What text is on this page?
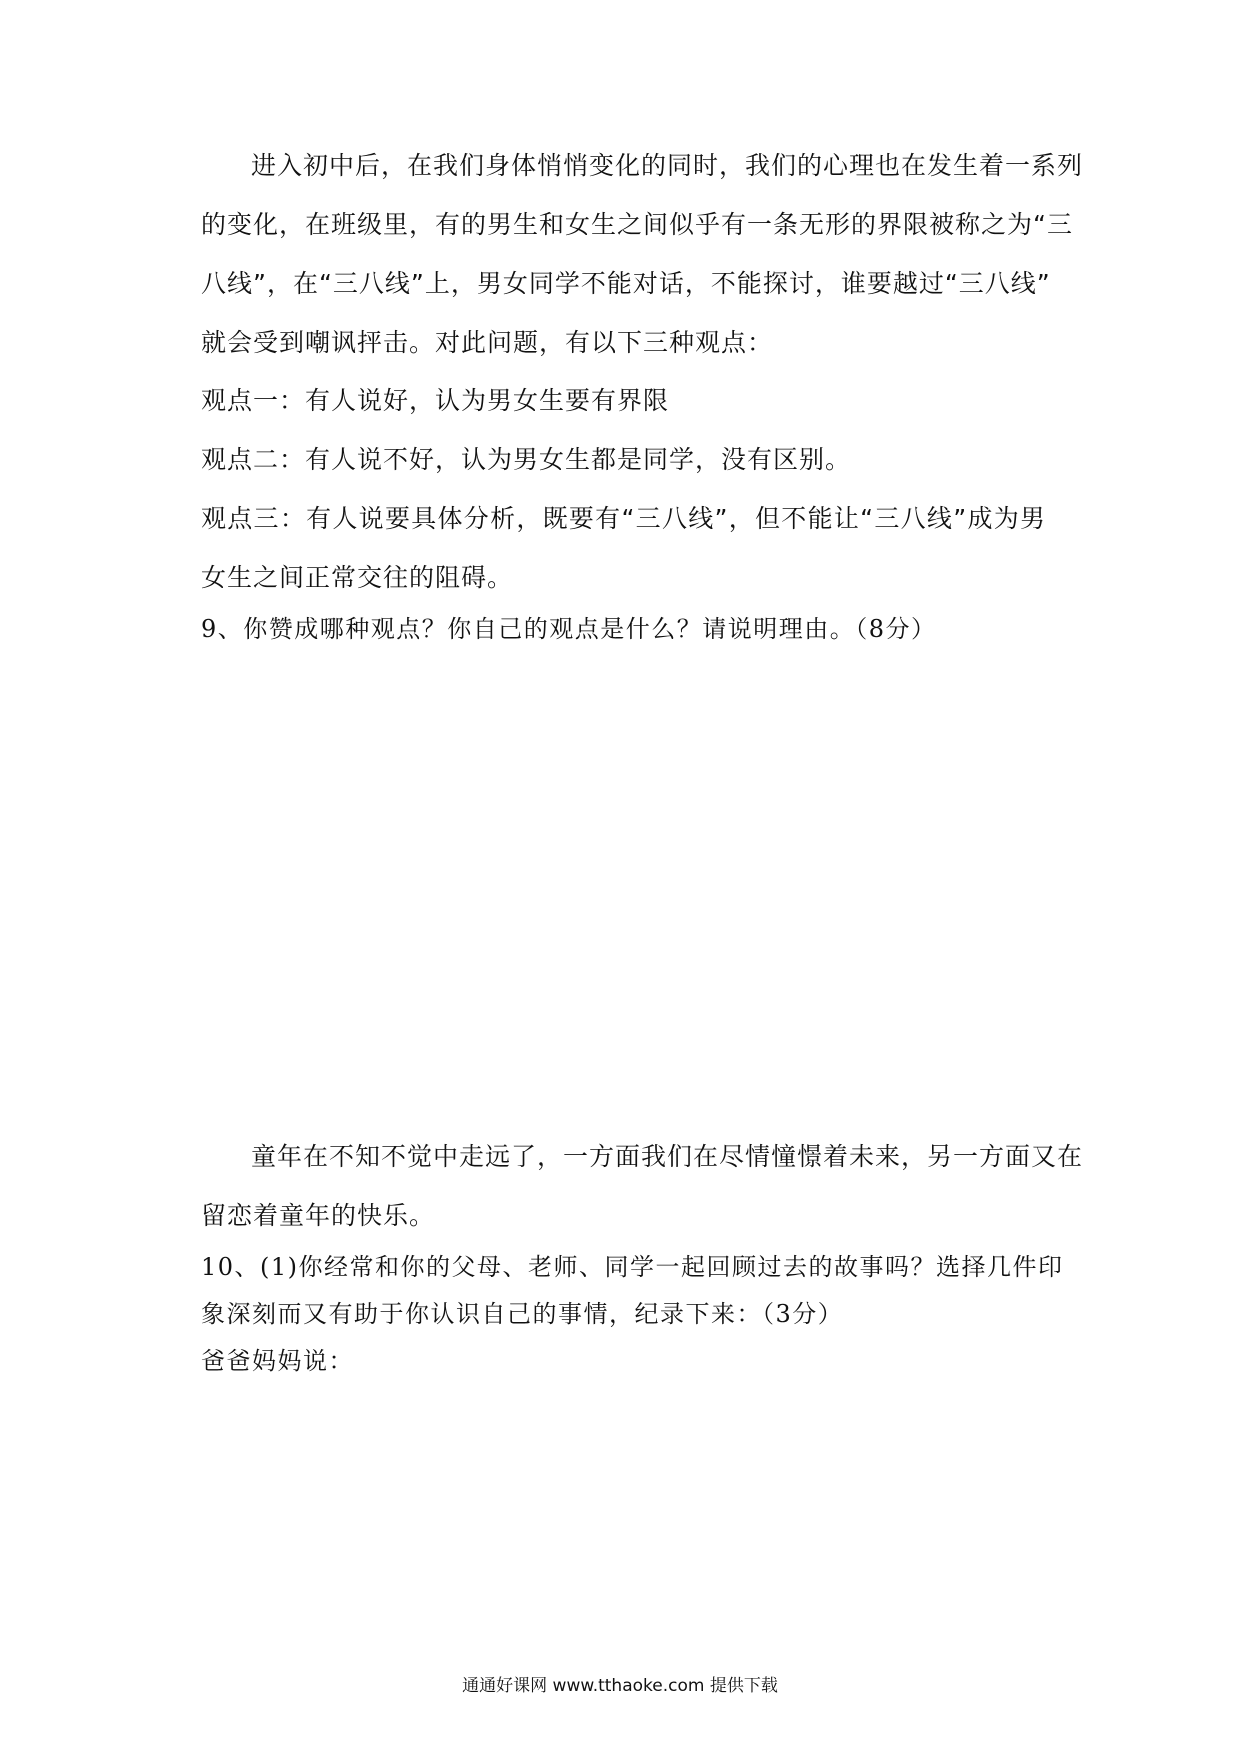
进入初中后，在我们身体悄悄变化的同时，我们的心理也在发生着一系列
的变化，在班级里，有的男生和女生之间似乎有一条无形的界限被称之为“三
八线”，在“三八线”上，男女同学不能对话，不能探讨，谁要越过“三八线”
就会受到嘲讽抨击。对此问题，有以下三种观点：
观点一：有人说好，认为男女生要有界限
观点二：有人说不好，认为男女生都是同学，没有区别。
观点三：有人说要具体分析，既要有“三八线”，但不能让“三八线”成为男
女生之间正常交往的阻碍。
9、你赞成哪种观点？你自己的观点是什么？请说明理由。（8分）
童年在不知不觉中走远了，一方面我们在尽情憧憬着未来，另一方面又在
留恋着童年的快乐。
10、(1)你经常和你的父母、老师、同学一起回顾过去的故事吗？选择几件印
象深刻而又有助于你认识自己的事情，纪录下来：（3分）
爸爸妈妈说：
通通好课网 www.tthaoke.com 提供下载
